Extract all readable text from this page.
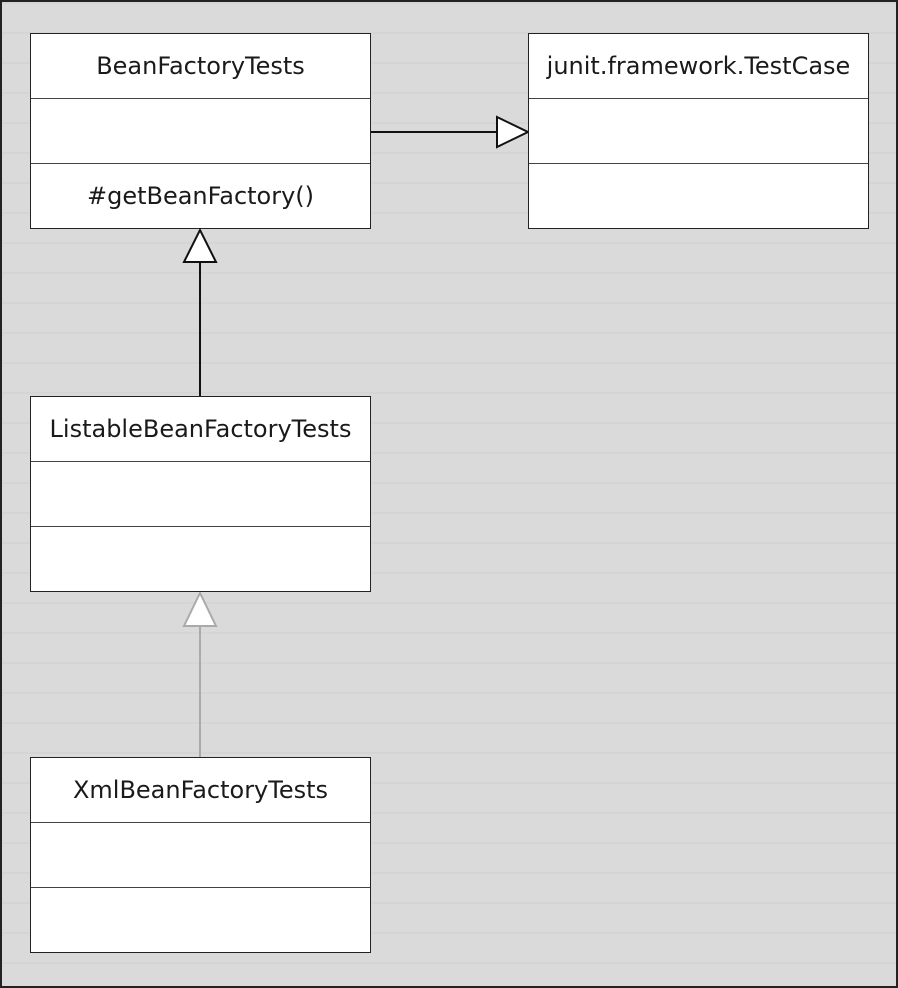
BeanFactoryTests
#getBeanFactory()
junit.framework.TestCase
ListableBeanFactoryTests
XmlBeanFactoryTests
